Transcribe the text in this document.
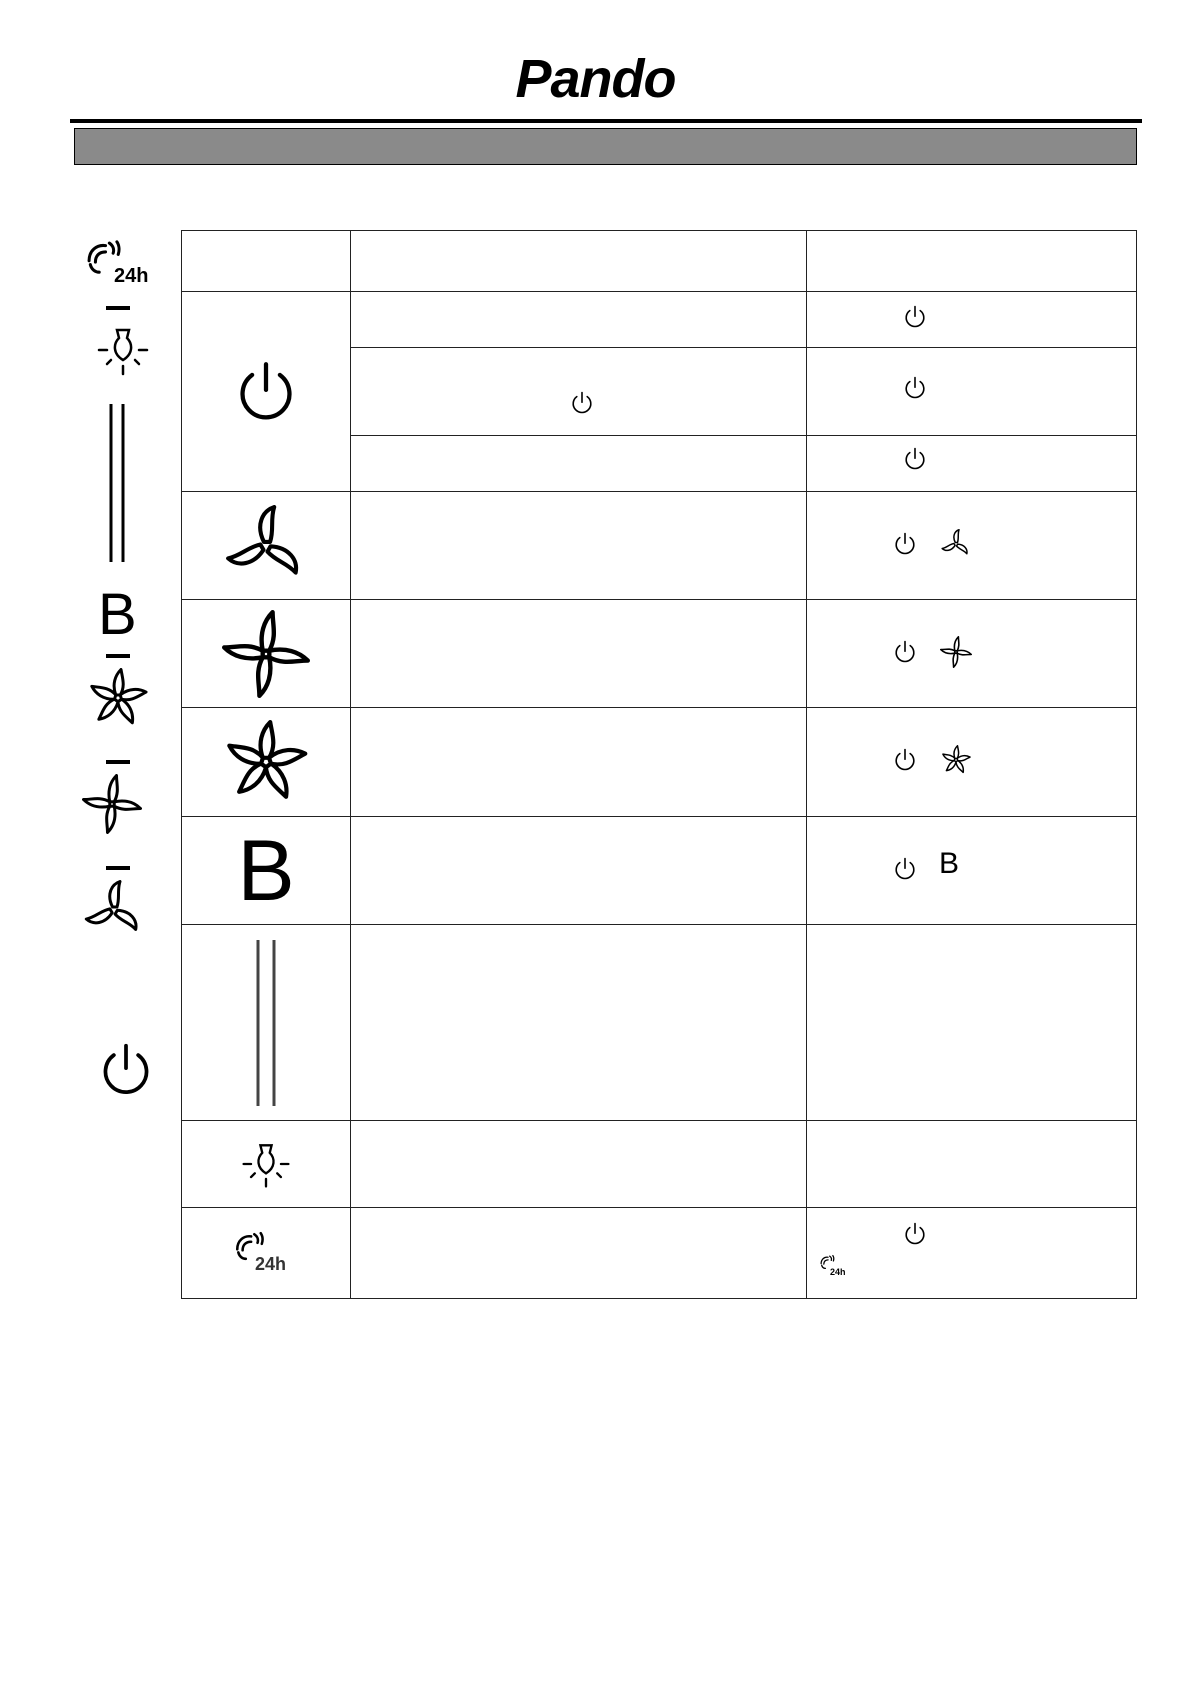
Pando
24h
B

B		B

24h		24h
